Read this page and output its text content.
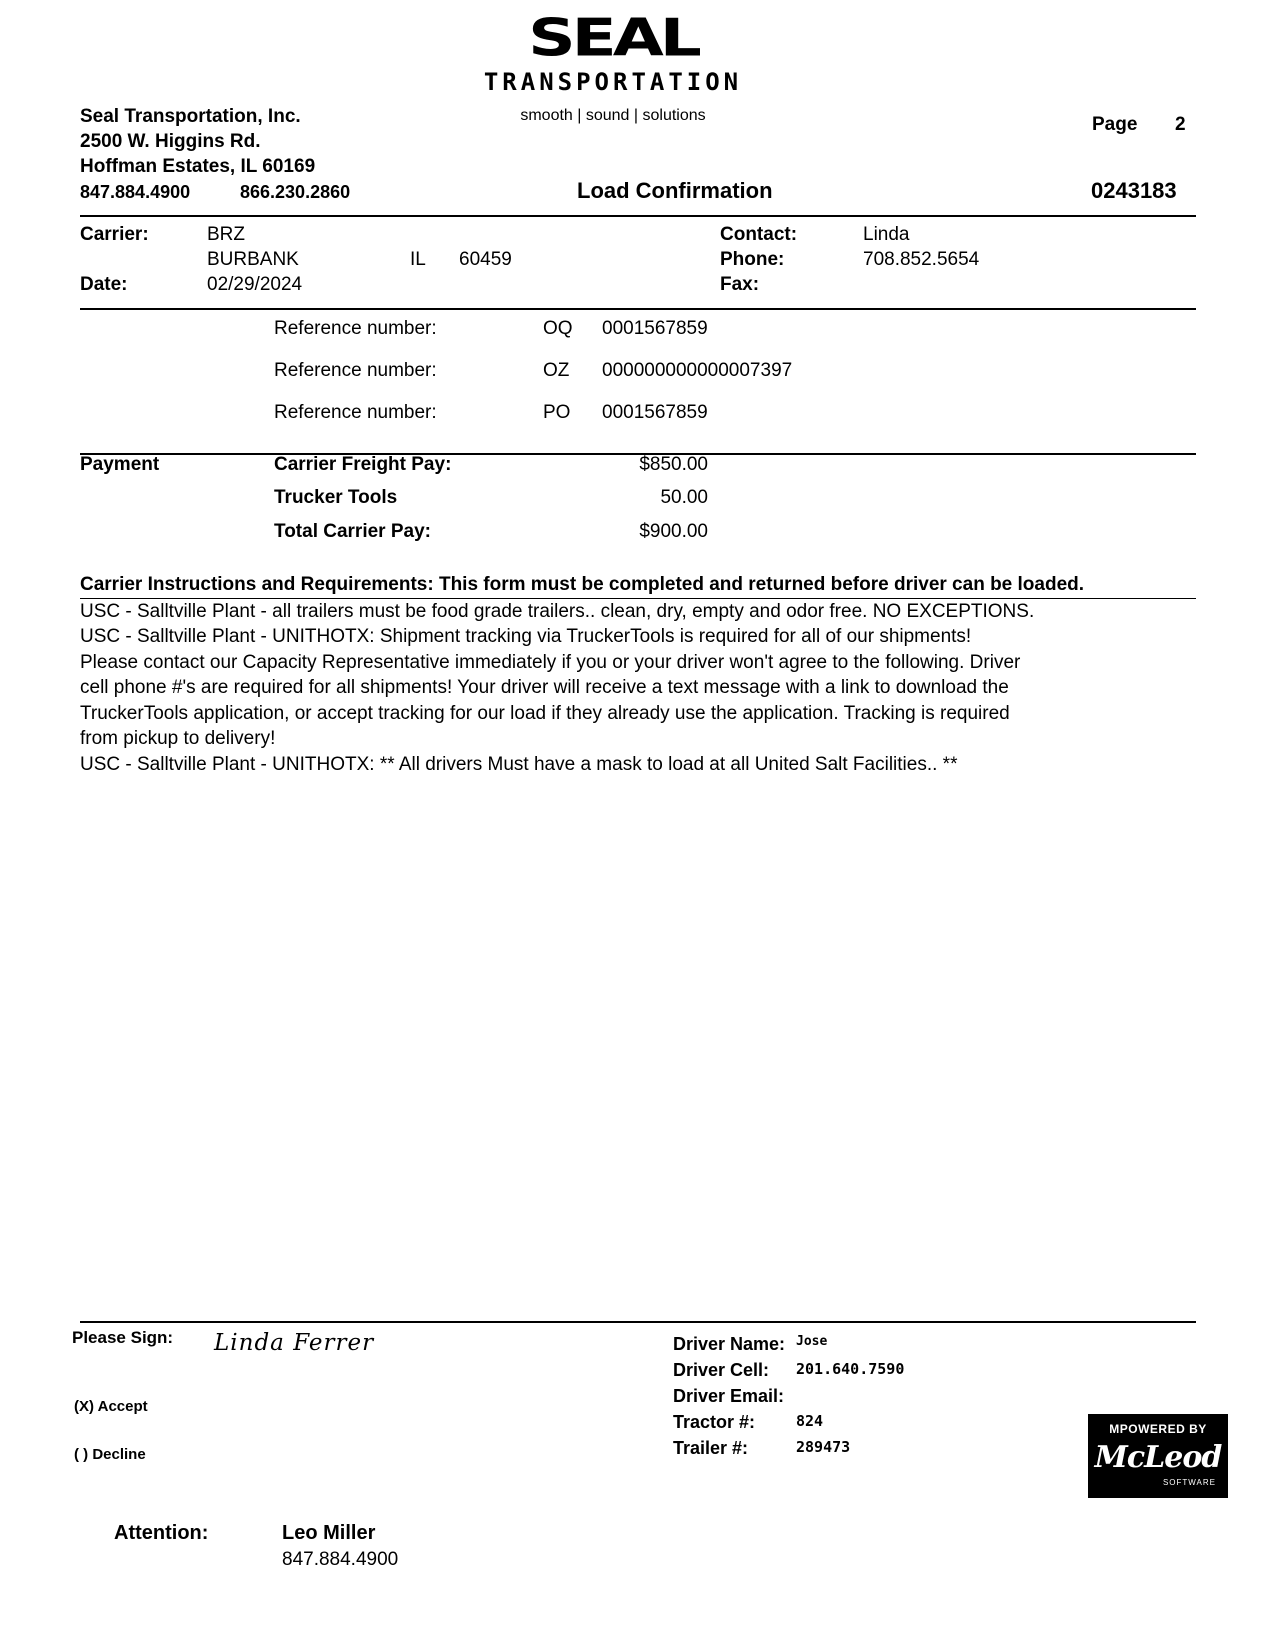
SEAL
TRANSPORTATION
smooth | sound | solutions
Seal Transportation, Inc.
2500 W. Higgins Rd.
Hoffman Estates, IL 60169
847.884.4900	866.230.2860
Page 2
Load Confirmation	0243183
Carrier:	BRZ
BURBANK	IL 60459
Date:	02/29/2024
Contact:	Linda
Phone:	708.852.5654
Fax:
Reference number:	OQ 0001567859
Reference number:	OZ 000000000000007397
Reference number:	PO 0001567859
Payment	Carrier Freight Pay:	$850.00
Trucker Tools	50.00
Total Carrier Pay:	$900.00
Carrier Instructions and Requirements: This form must be completed and returned before driver can be loaded.
USC - Salltville Plant - all trailers must be food grade trailers.. clean, dry, empty and odor free. NO EXCEPTIONS.
USC - Salltville Plant - UNITHOTX: Shipment tracking via TruckerTools is required for all of our shipments!
Please contact our Capacity Representative immediately if you or your driver won't agree to the following. Driver
cell phone #'s are required for all shipments! Your driver will receive a text message with a link to download the
TruckerTools application, or accept tracking for our load if they already use the application. Tracking is required
from pickup to delivery!
USC - Salltville Plant - UNITHOTX: ** All drivers Must have a mask to load at all United Salt Facilities.. **
Please Sign: Linda Ferrer
(X) Accept
( ) Decline
Driver Name: Jose
Driver Cell: 201.640.7590
Driver Email:
Tractor #:	824
Trailer #:	289473
MPOWERED BY
McLeod
SOFTWARE
Attention:	Leo Miller
847.884.4900
